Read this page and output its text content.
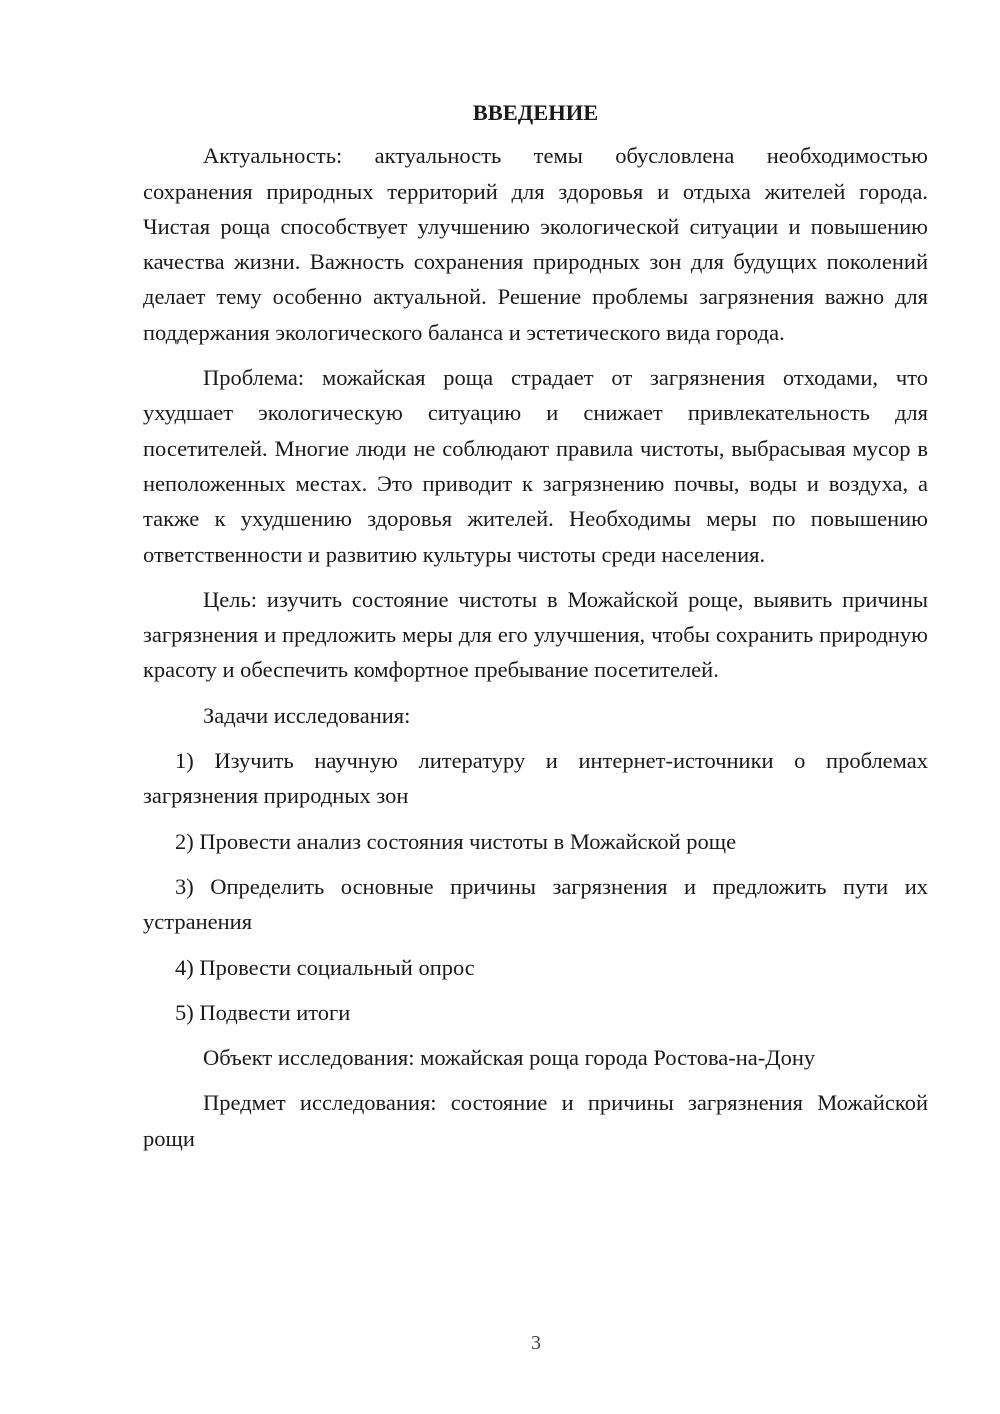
ВВЕДЕНИЕ
Актуальность: актуальность темы обусловлена необходимостью сохранения природных территорий для здоровья и отдыха жителей города. Чистая роща способствует улучшению экологической ситуации и повышению качества жизни. Важность сохранения природных зон для будущих поколений делает тему особенно актуальной. Решение проблемы загрязнения важно для поддержания экологического баланса и эстетического вида города.
Проблема: можайская роща страдает от загрязнения отходами, что ухудшает экологическую ситуацию и снижает привлекательность для посетителей. Многие люди не соблюдают правила чистоты, выбрасывая мусор в неположенных местах. Это приводит к загрязнению почвы, воды и воздуха, а также к ухудшению здоровья жителей. Необходимы меры по повышению ответственности и развитию культуры чистоты среди населения.
Цель: изучить состояние чистоты в Можайской роще, выявить причины загрязнения и предложить меры для его улучшения, чтобы сохранить природную красоту и обеспечить комфортное пребывание посетителей.
Задачи исследования:
1) Изучить научную литературу и интернет-источники о проблемах загрязнения природных зон
2) Провести анализ состояния чистоты в Можайской роще
3) Определить основные причины загрязнения и предложить пути их устранения
4) Провести социальный опрос
5) Подвести итоги
Объект исследования: можайская роща города Ростова-на-Дону
Предмет исследования: состояние и причины загрязнения Можайской рощи
3
